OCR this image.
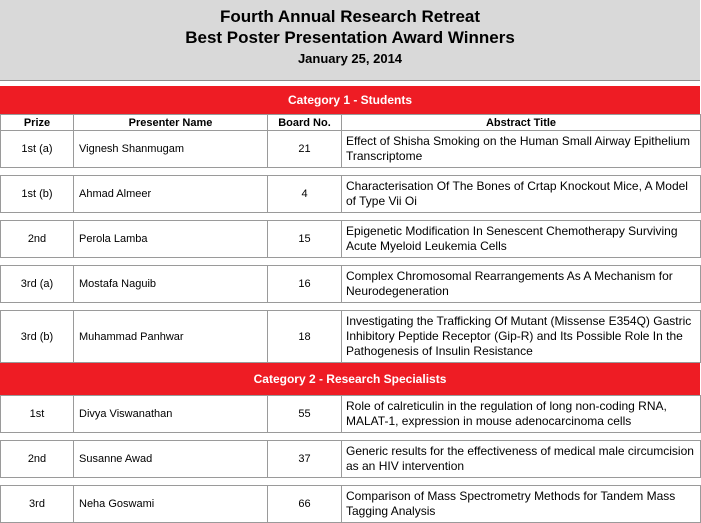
Fourth Annual Research Retreat
Best Poster Presentation Award Winners
January 25, 2014
Category 1 - Students
Prize	Presenter Name	Board No.	Abstract Title
1st (a)	Vignesh Shanmugam	21	Effect of Shisha Smoking on the Human Small Airway Epithelium Transcriptome

1st (b)	Ahmad Almeer	4	Characterisation Of The Bones of Crtap Knockout Mice, A Model of Type Vii Oi

2nd	Perola Lamba	15	Epigenetic Modification In Senescent Chemotherapy Surviving Acute Myeloid Leukemia Cells

3rd (a)	Mostafa Naguib	16	Complex Chromosomal Rearrangements As A Mechanism for Neurodegeneration

3rd (b)	Muhammad Panhwar	18	Investigating the Trafficking Of Mutant (Missense E354Q) Gastric Inhibitory Peptide Receptor (Gip-R) and Its Possible Role In the Pathogenesis of Insulin Resistance
Category 2 - Research Specialists
1st	Divya Viswanathan	55	Role of calreticulin in the regulation of long non-coding RNA, MALAT-1, expression in mouse adenocarcinoma cells

2nd	Susanne Awad	37	Generic results for the effectiveness of medical male circumcision as an HIV intervention

3rd	Neha Goswami	66	Comparison of Mass Spectrometry Methods for Tandem Mass Tagging Analysis
